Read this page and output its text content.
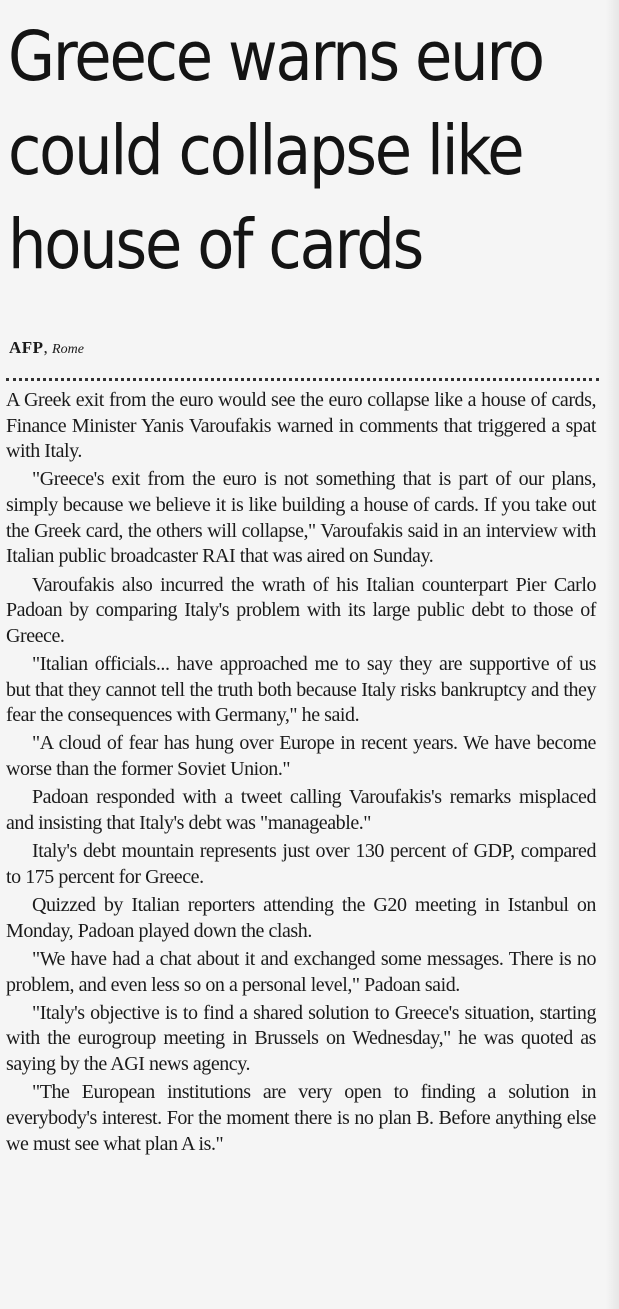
Greece warns euro
could collapse like
house of cards
AFP, Rome

A Greek exit from the euro would see the euro collapse like a house of cards, Finance Minister Yanis Varoufakis warned in comments that triggered a spat with Italy.

"Greece's exit from the euro is not something that is part of our plans, simply because we believe it is like building a house of cards. If you take out the Greek card, the others will collapse," Varoufakis said in an interview with Italian public broadcaster RAI that was aired on Sunday.

Varoufakis also incurred the wrath of his Italian counterpart Pier Carlo Padoan by comparing Italy's problem with its large public debt to those of Greece.

"Italian officials... have approached me to say they are supportive of us but that they cannot tell the truth both because Italy risks bankruptcy and they fear the consequences with Germany," he said.

"A cloud of fear has hung over Europe in recent years. We have become worse than the former Soviet Union."

Padoan responded with a tweet calling Varoufakis's remarks misplaced and insisting that Italy's debt was "manageable."

Italy's debt mountain represents just over 130 percent of GDP, compared to 175 percent for Greece.

Quizzed by Italian reporters attending the G20 meeting in Istanbul on Monday, Padoan played down the clash.

"We have had a chat about it and exchanged some messages. There is no problem, and even less so on a personal level," Padoan said.

"Italy's objective is to find a shared solution to Greece's situation, starting with the eurogroup meeting in Brussels on Wednesday," he was quoted as saying by the AGI news agency.

"The European institutions are very open to finding a solution in everybody's interest. For the moment there is no plan B. Before anything else we must see what plan A is."
